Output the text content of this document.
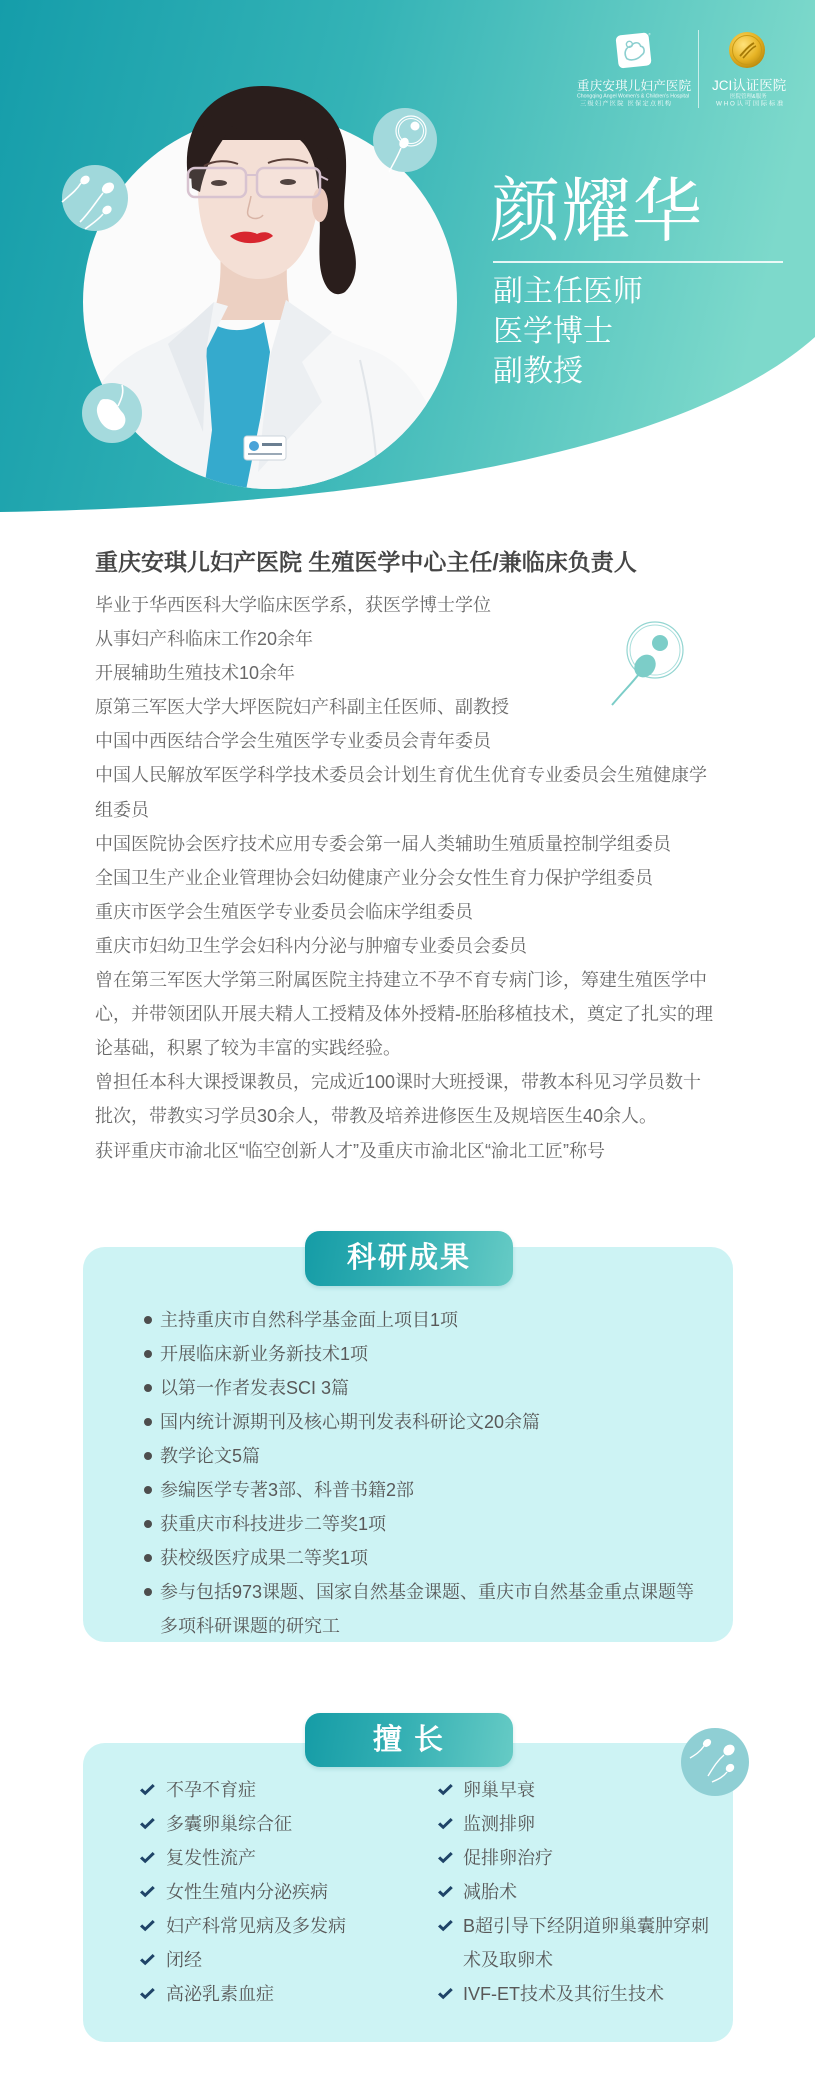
®
重庆安琪儿妇产医院
Chongqing Angel Women's & Children's Hospital
三级妇产医院 医保定点机构
JCI认证医院
医院管理&服务
WHO认可国际标准
颜耀华
副主任医师
医学博士
副教授
重庆安琪儿妇产医院 生殖医学中心主任/兼临床负责人
毕业于华西医科大学临床医学系，获医学博士学位
从事妇产科临床工作20余年
开展辅助生殖技术10余年
原第三军医大学大坪医院妇产科副主任医师、副教授
中国中西医结合学会生殖医学专业委员会青年委员
中国人民解放军医学科学技术委员会计划生育优生优育专业委员会生殖健康学
组委员
中国医院协会医疗技术应用专委会第一届人类辅助生殖质量控制学组委员
全国卫生产业企业管理协会妇幼健康产业分会女性生育力保护学组委员
重庆市医学会生殖医学专业委员会临床学组委员
重庆市妇幼卫生学会妇科内分泌与肿瘤专业委员会委员
曾在第三军医大学第三附属医院主持建立不孕不育专病门诊，筹建生殖医学中
心，并带领团队开展夫精人工授精及体外授精-胚胎移植技术，奠定了扎实的理
论基础，积累了较为丰富的实践经验。
曾担任本科大课授课教员，完成近100课时大班授课，带教本科见习学员数十
批次，带教实习学员30余人，带教及培养进修医生及规培医生40余人。
获评重庆市渝北区“临空创新人才”及重庆市渝北区“渝北工匠”称号
科研成果
主持重庆市自然科学基金面上项目1项
开展临床新业务新技术1项
以第一作者发表SCI 3篇
国内统计源期刊及核心期刊发表科研论文20余篇
教学论文5篇
参编医学专著3部、科普书籍2部
获重庆市科技进步二等奖1项
获校级医疗成果二等奖1项
参与包括973课题、国家自然基金课题、重庆市自然基金重点课题等
多项科研课题的研究工
擅 长
不孕不育症
多囊卵巢综合征
复发性流产
女性生殖内分泌疾病
妇产科常见病及多发病
闭经
高泌乳素血症
卵巢早衰
监测排卵
促排卵治疗
减胎术
B超引导下经阴道卵巢囊肿穿刺
术及取卵术
IVF-ET技术及其衍生技术
